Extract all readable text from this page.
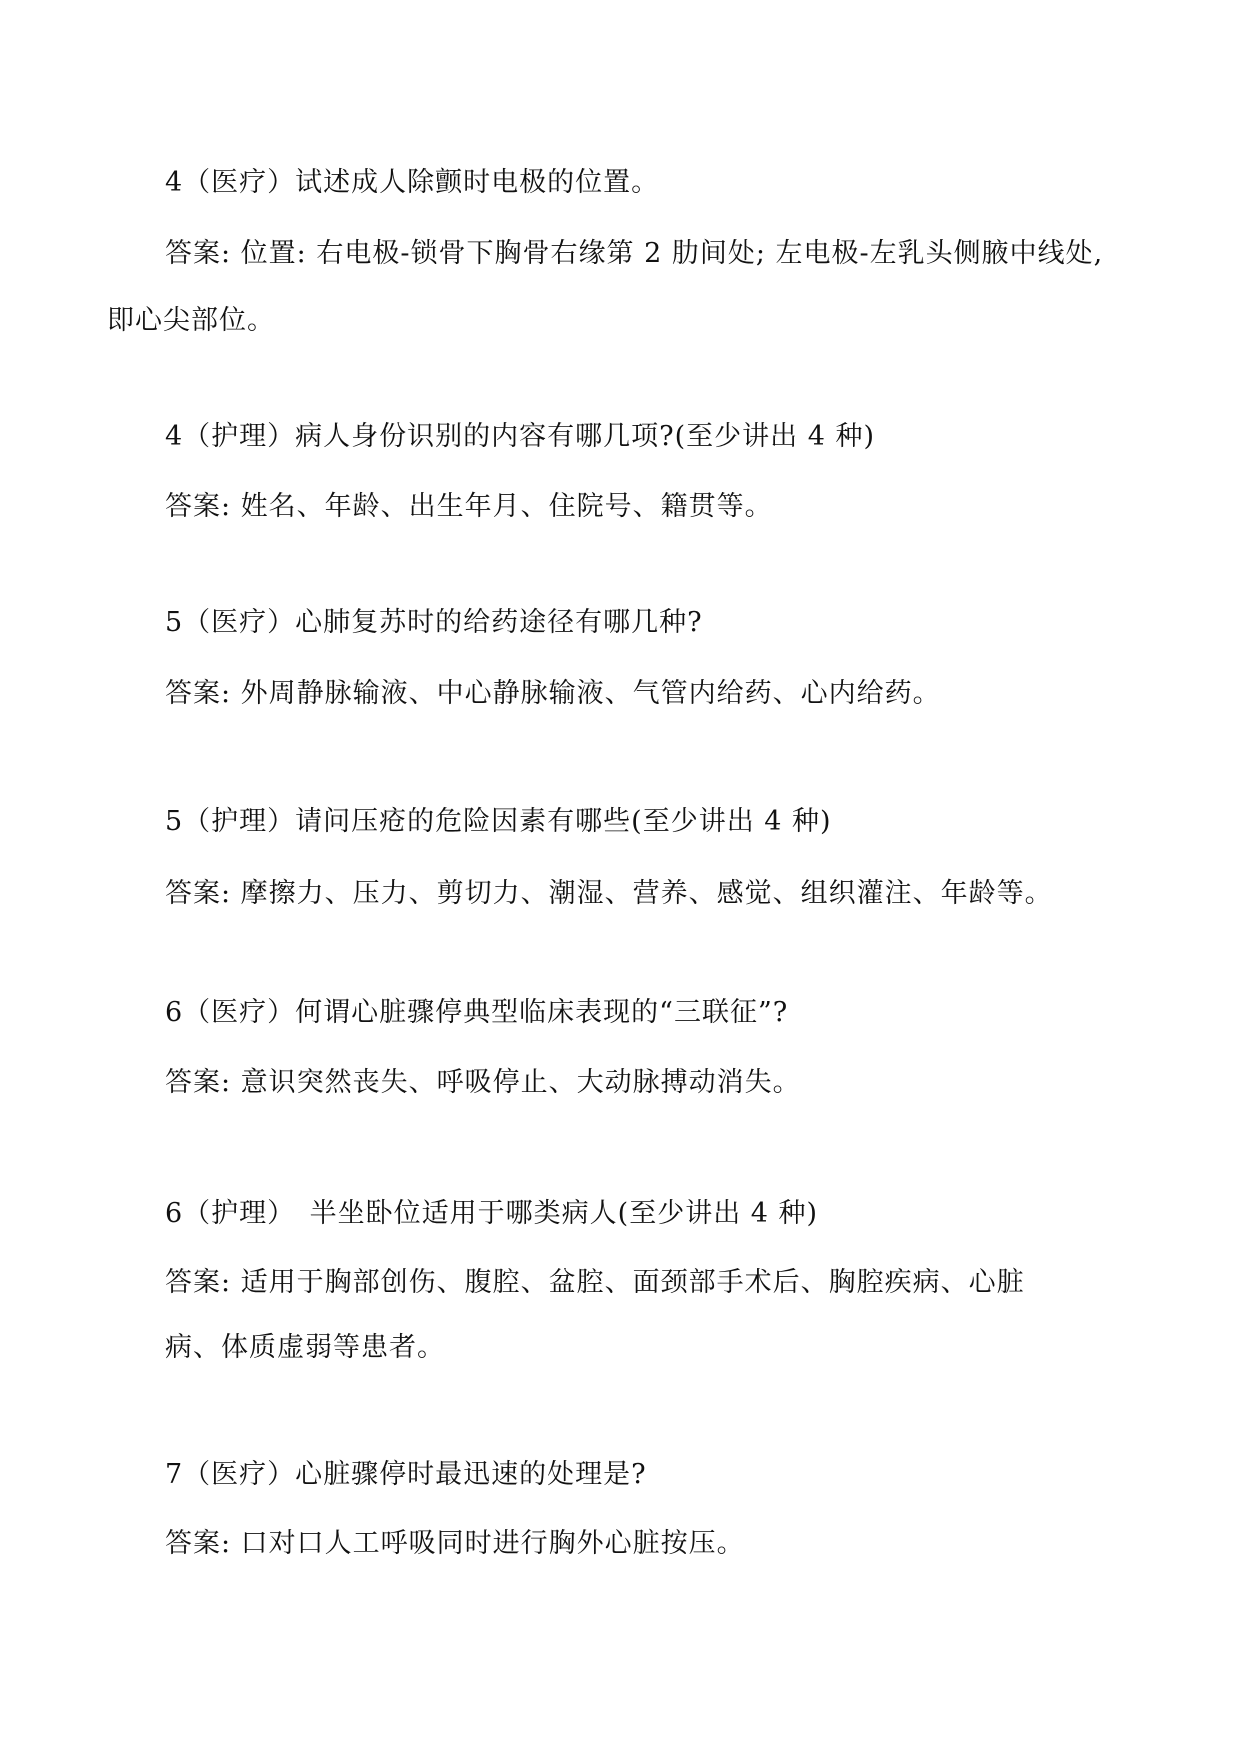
4（医疗）试述成人除颤时电极的位置。
答案: 位置: 右电极-锁骨下胸骨右缘第 2 肋间处; 左电极-左乳头侧腋中线处,
即心尖部位。
4（护理）病人身份识别的内容有哪几项?(至少讲出 4 种)
答案: 姓名、年龄、出生年月、住院号、籍贯等。
5（医疗）心肺复苏时的给药途径有哪几种?
答案: 外周静脉输液、中心静脉输液、气管内给药、心内给药。
5（护理）请问压疮的危险因素有哪些(至少讲出 4 种)
答案: 摩擦力、压力、剪切力、潮湿、营养、感觉、组织灌注、年龄等。
6（医疗）何谓心脏骤停典型临床表现的“三联征”?
答案: 意识突然丧失、呼吸停止、大动脉搏动消失。
6（护理）　半坐卧位适用于哪类病人(至少讲出 4 种)
答案: 适用于胸部创伤、腹腔、盆腔、面颈部手术后、胸腔疾病、心脏
病、体质虚弱等患者。
7（医疗）心脏骤停时最迅速的处理是?
答案: 口对口人工呼吸同时进行胸外心脏按压。
